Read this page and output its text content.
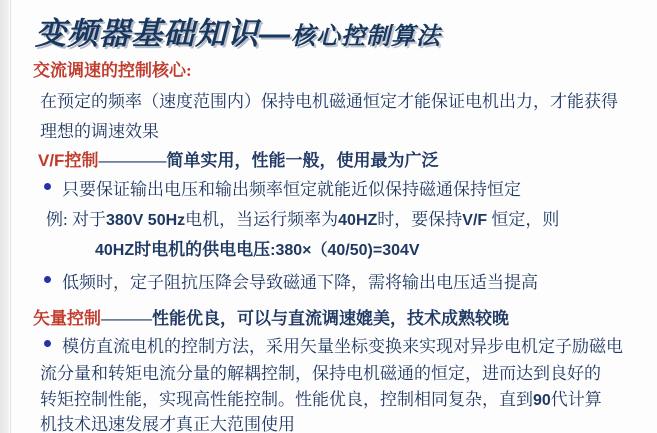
变频器基础知识— 核心控制算法
交流调速的控制核心:
在预定的频率（速度范围内）保持电机磁通恒定才能保证电机出力，才能获得
理想的调速效果
V/F控制————简单实用，性能一般，使用最为广泛
只要保证输出电压和输出频率恒定就能近似保持磁通保持恒定
例: 对于380V 50Hz电机，当运行频率为40HZ时，要保持V/F 恒定，则
40HZ时电机的供电电压:380×（40/50)=304V
低频时，定子阻抗压降会导致磁通下降，需将输出电压适当提高
矢量控制———性能优良，可以与直流调速媲美，技术成熟较晚
模仿直流电机的控制方法，采用矢量坐标变换来实现对异步电机定子励磁电
流分量和转矩电流分量的解耦控制，保持电机磁通的恒定，进而达到良好的
转矩控制性能，实现高性能控制。性能优良，控制相同复杂，直到90代计算
机技术迅速发展才真正大范围使用
